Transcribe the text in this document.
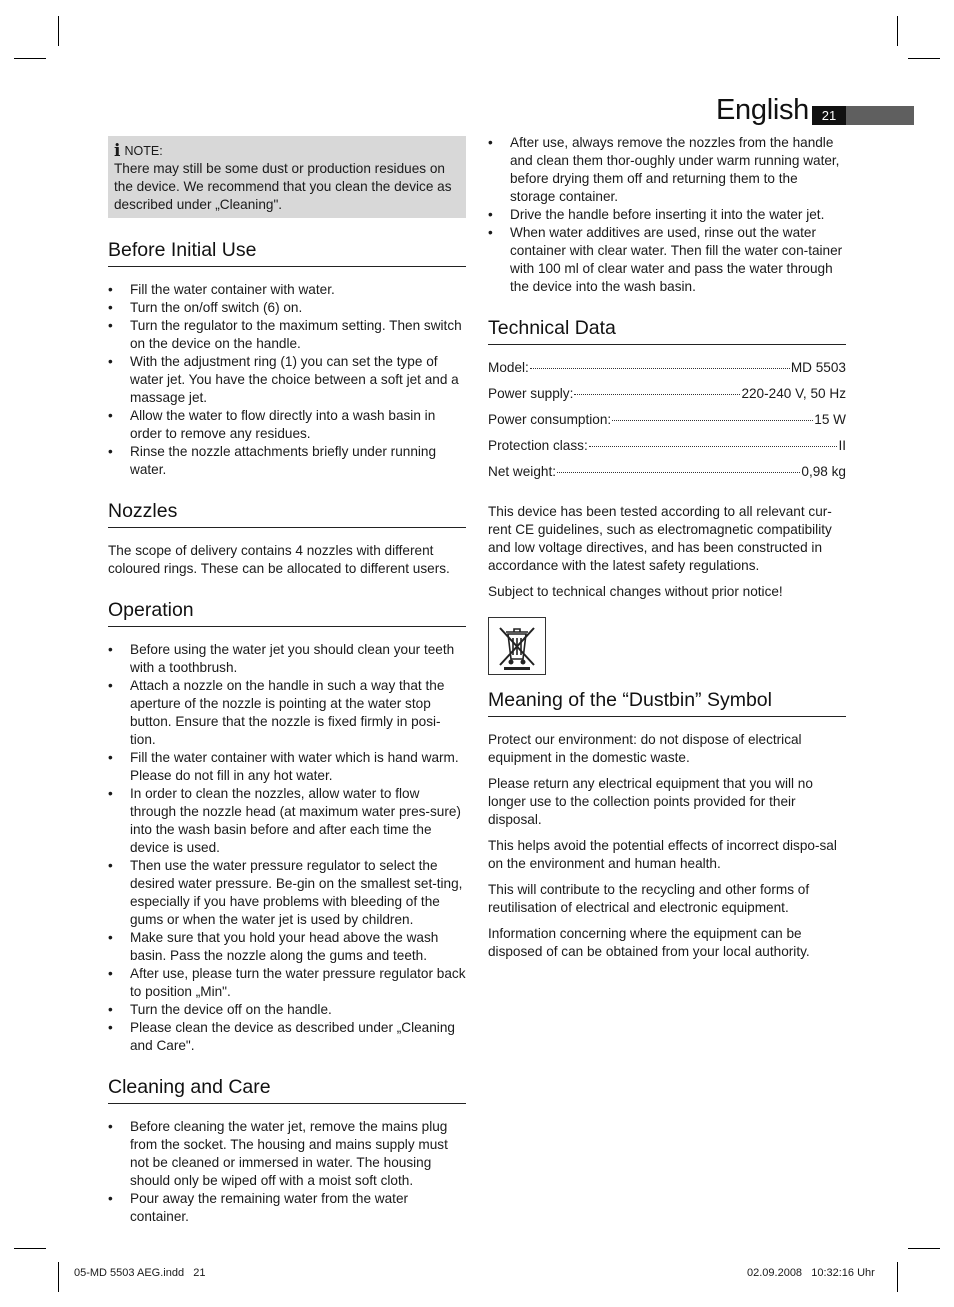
English 21
i NOTE:

There may still be some dust or production residues on the device. We recommend that you clean the device as described under „Cleaning".

Before Initial Use
• Fill the water container with water.
• Turn the on/off switch (6) on.
• Turn the regulator to the maximum setting. Then switch on the device on the handle.
• With the adjustment ring (1) you can set the type of water jet. You have the choice between a soft jet and a massage jet.
• Allow the water to flow directly into a wash basin in order to remove any residues.
• Rinse the nozzle attachments briefly under running water.
Nozzles

The scope of delivery contains 4 nozzles with different coloured rings. These can be allocated to different users.

Operation
• Before using the water jet you should clean your teeth with a toothbrush.
• Attach a nozzle on the handle in such a way that the aperture of the nozzle is pointing at the water stop button. Ensure that the nozzle is fixed firmly in posi-tion.
• Fill the water container with water which is hand warm. Please do not fill in any hot water.
• In order to clean the nozzles, allow water to flow through the nozzle head (at maximum water pres-sure) into the wash basin before and after each time the device is used.
• Then use the water pressure regulator to select the desired water pressure. Be-gin on the smallest set-ting, especially if you have problems with bleeding of the gums or when the water jet is used by children.
• Make sure that you hold your head above the wash basin. Pass the nozzle along the gums and teeth.
• After use, please turn the water pressure regulator back to position „Min".
• Turn the device off on the handle.
• Please clean the device as described under „Cleaning and Care".
Cleaning and Care
• Before cleaning the water jet, remove the mains plug from the socket. The housing and mains supply must not be cleaned or immersed in water. The housing should only be wiped off with a moist soft cloth.
• Pour away the remaining water from the water container.
• After use, always remove the nozzles from the handle and clean them thor-oughly under warm running water, before drying them off and returning them to the storage container.
• Drive the handle before inserting it into the water jet.
• When water additives are used, rinse out the water container with clear water. Then fill the water con-tainer with 100 ml of clear water and pass the water through the device into the wash basin.
Technical Data
Model:	MD 5503
Power supply:	220-240 V, 50 Hz
Power consumption:	15 W
Protection class:	II
Net weight:	0,98 kg

This device has been tested according to all relevant cur-rent CE guidelines, such as electromagnetic compatibility and low voltage directives, and has been constructed in accordance with the latest safety regulations.

Subject to technical changes without prior notice!

Meaning of the “Dustbin” Symbol

Protect our environment: do not dispose of electrical equipment in the domestic waste.

Please return any electrical equipment that you will no longer use to the collection points provided for their disposal.

This helps avoid the potential effects of incorrect dispo-sal on the environment and human health.

This will contribute to the recycling and other forms of reutilisation of electrical and electronic equipment.

Information concerning where the equipment can be disposed of can be obtained from your local authority.

05-MD 5503 AEG.indd   21	02.09.2008   10:32:16 Uhr
